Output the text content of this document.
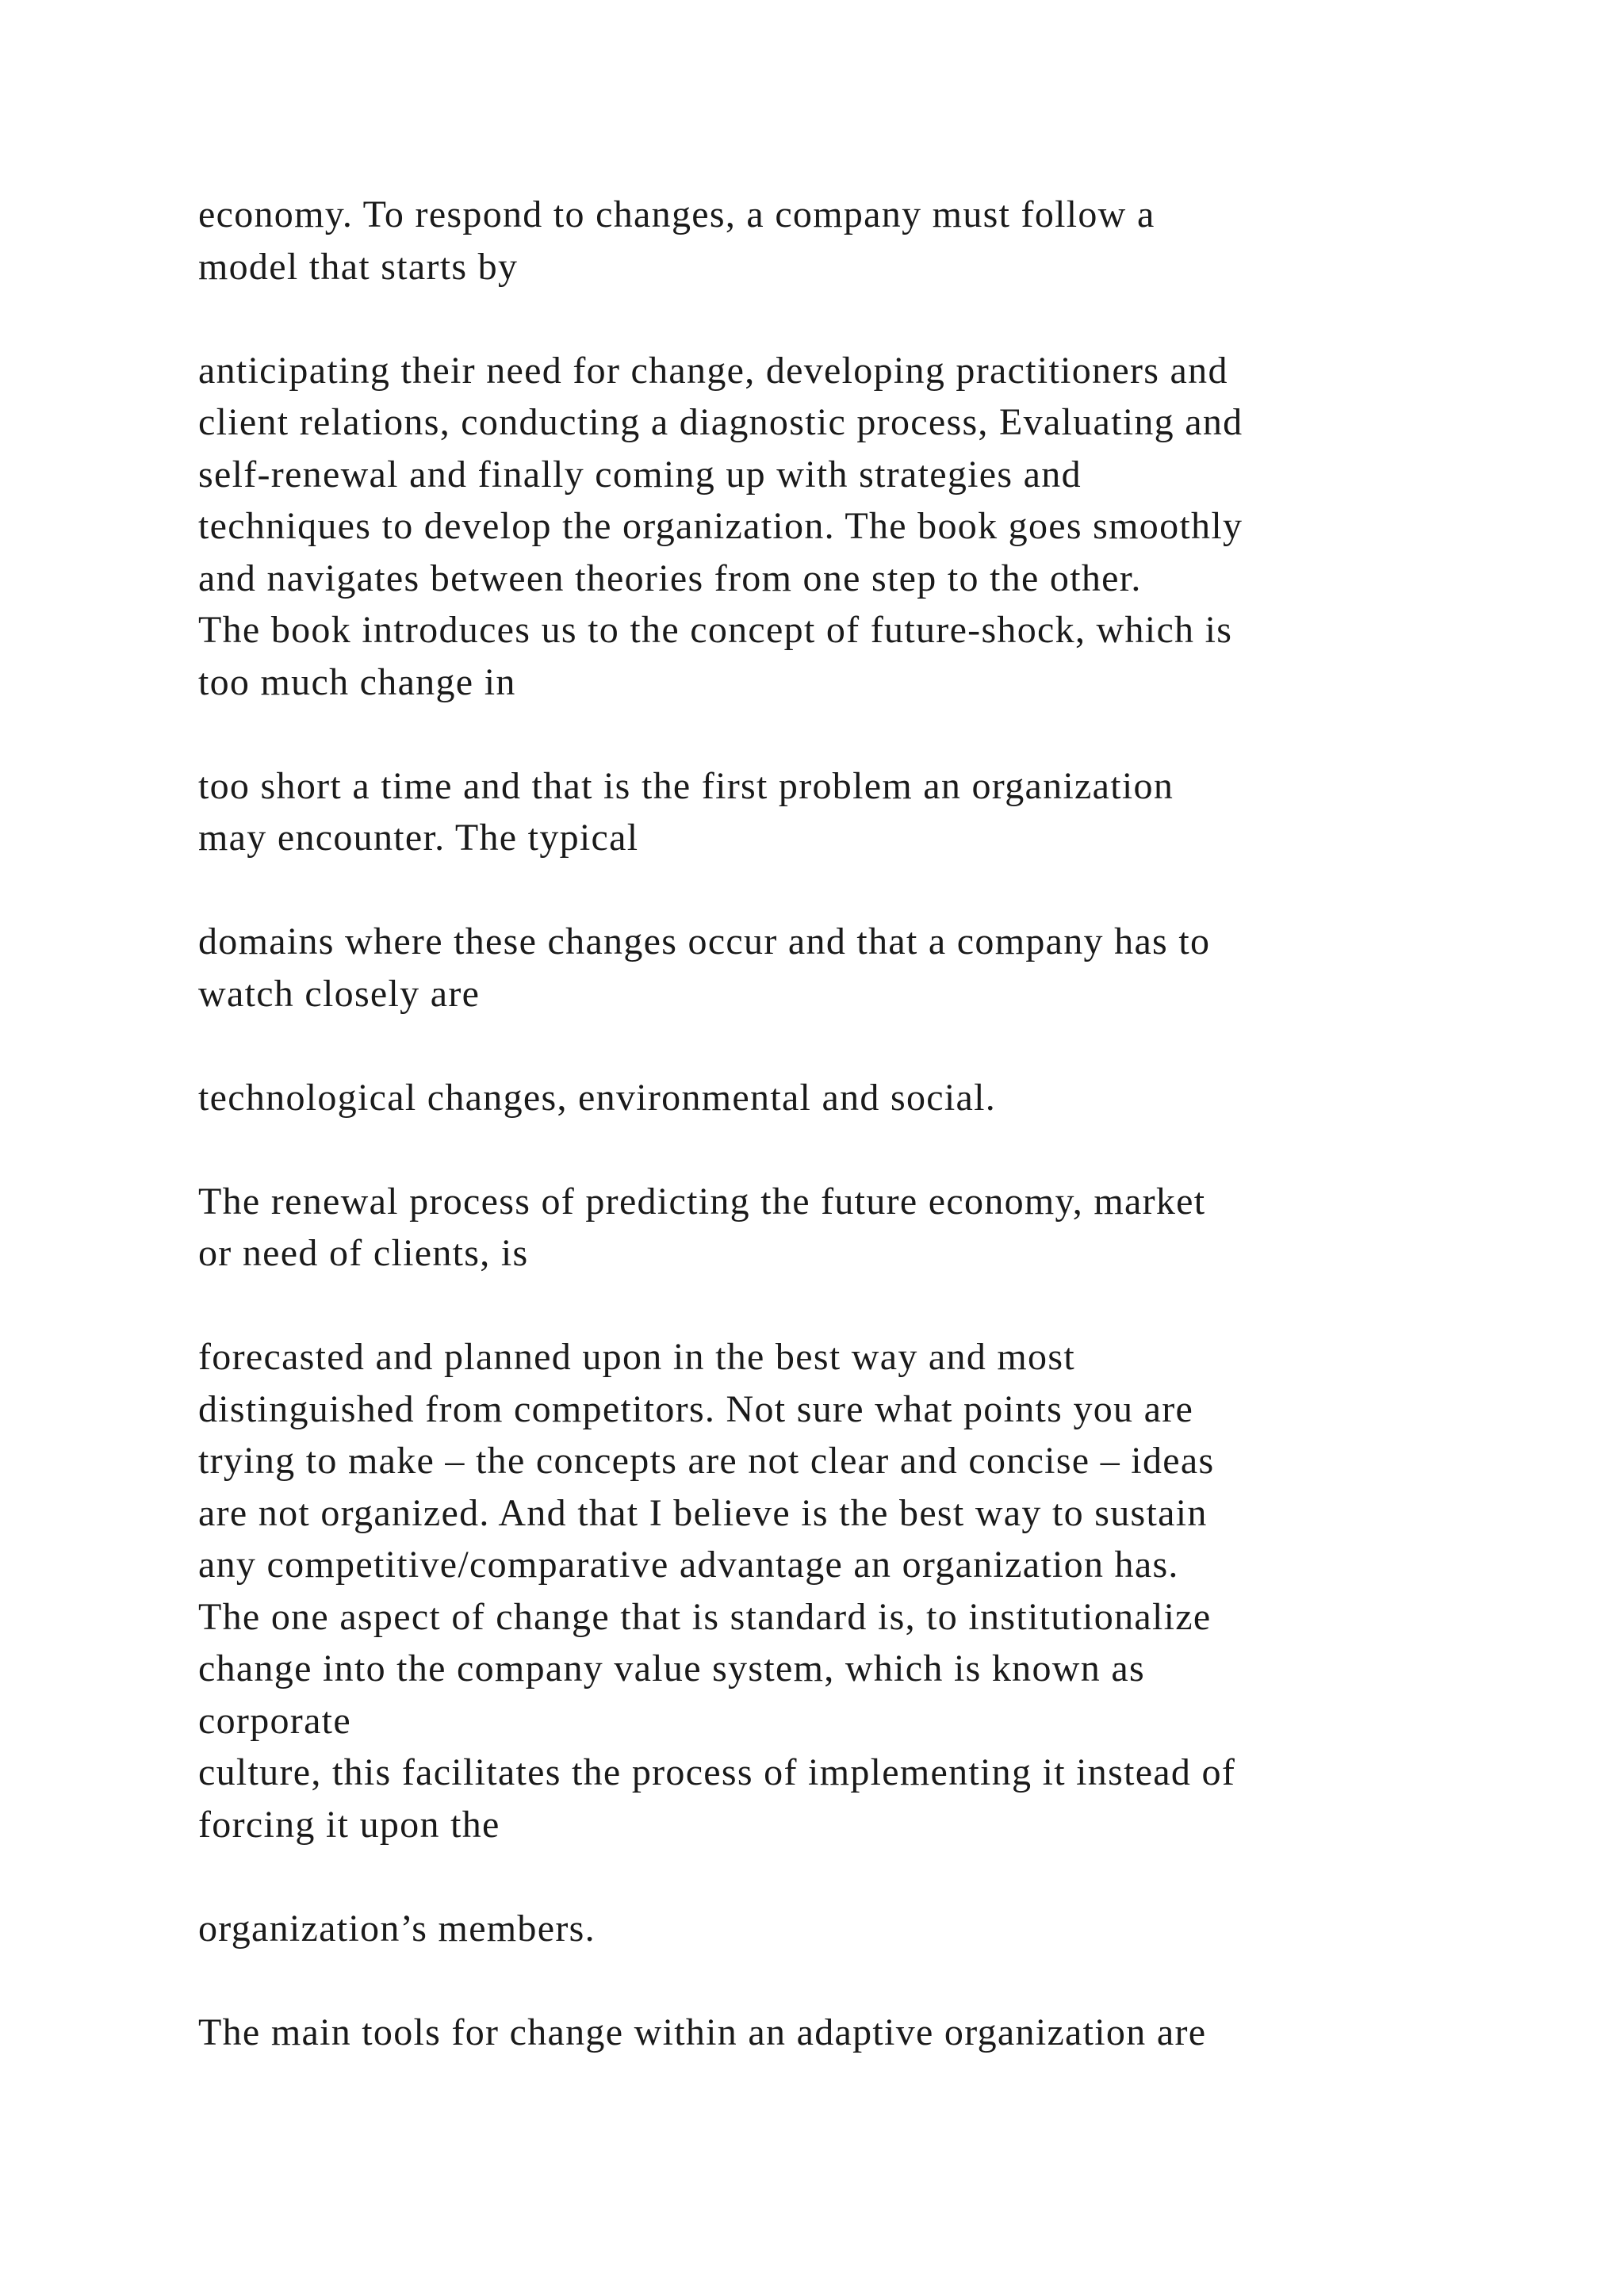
economy. To respond to changes, a company must follow a
model that starts by
anticipating their need for change, developing practitioners and
client relations, conducting a diagnostic process, Evaluating and
self-renewal and finally coming up with strategies and
techniques to develop the organization. The book goes smoothly
and navigates between theories from one step to the other.
The book introduces us to the concept of future-shock, which is
too much change in
too short a time and that is the first problem an organization
may encounter. The typical
domains where these changes occur and that a company has to
watch closely are
technological changes, environmental and social.
The renewal process of predicting the future economy, market
or need of clients, is
forecasted and planned upon in the best way and most
distinguished from competitors. Not sure what points you are
trying to make – the concepts are not clear and concise – ideas
are not organized. And that I believe is the best way to sustain
any competitive/comparative advantage an organization has.
The one aspect of change that is standard is, to institutionalize
change into the company value system, which is known as
corporate
culture, this facilitates the process of implementing it instead of
forcing it upon the
organization’s members.
The main tools for change within an adaptive organization are
